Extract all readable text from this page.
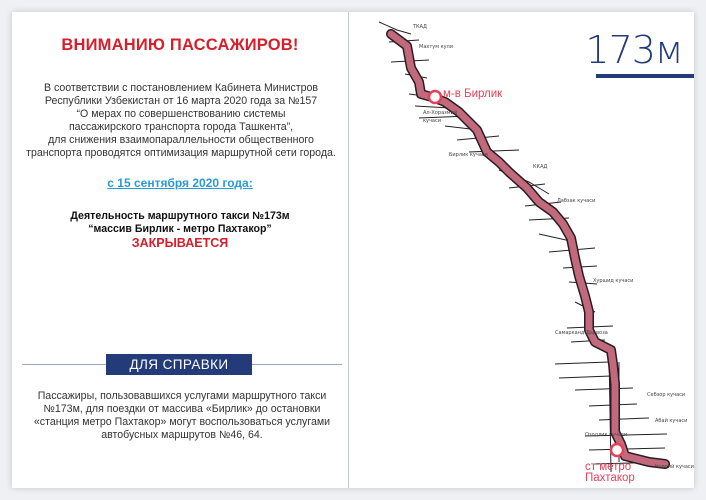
ВНИМАНИЮ ПАССАЖИРОВ!
В соответствии с постановлением Кабинета Министров
Республики Узбекистан от 16 марта 2020 года за №157
“О мерах по совершенствованию системы
пассажирского транспорта города Ташкента”,
для снижения взаимопараллельности общественного
транспорта проводятся оптимизация маршрутной сети города.
с 15 сентября 2020 года:
Деятельность маршрутного такси №173м
“массив Бирлик - метро Пахтакор”
ЗАКРЫВАЕТСЯ
ДЛЯ СПРАВКИ
Пассажиры, пользовавшихся услугами маршрутного такси
№173м, для поездки от массива «Бирлик» до остановки
«станция метро Пахтакор» могут воспользоваться услугами
автобусных маршрутов №46, 64.
173м
м-в Бирлик
ст метро
Пахтакор
ТКАД
Махтум кули
Ал-Хоразмий
кучаси
Себзор кучаси
Абай кучаси
Озодлик кучаси
Навоий кучаси
Бирлик кучаси
Хуршид кучаси
Самарканд Дарвоза
ККАД
Лабзак кучаси
